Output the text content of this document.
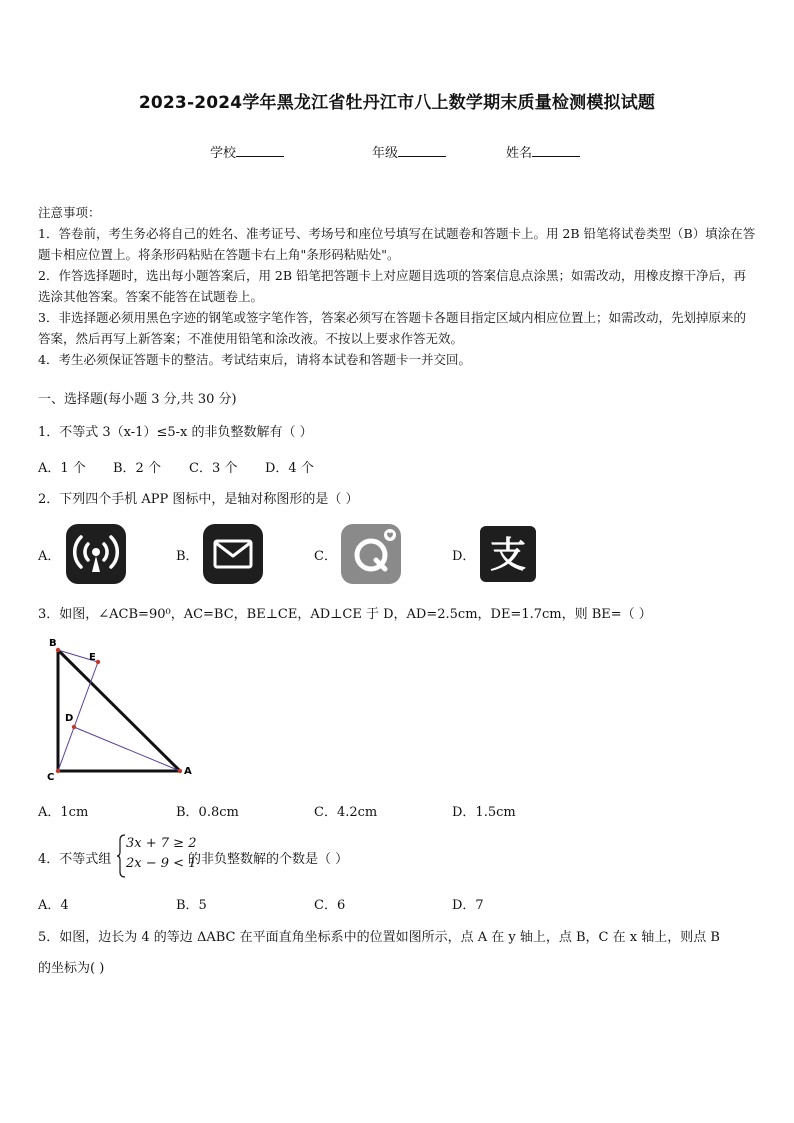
2023-2024学年黑龙江省牡丹江市八上数学期末质量检测模拟试题
学校	年级	姓名

注意事项：

1．答卷前，考生务必将自己的姓名、准考证号、考场号和座位号填写在试题卷和答题卡上。用 2B 铅笔将试卷类型（B）填涂在答题卡相应位置上。将条形码粘贴在答题卡右上角"条形码粘贴处"。

2．作答选择题时，选出每小题答案后，用 2B 铅笔把答题卡上对应题目选项的答案信息点涂黑；如需改动，用橡皮擦干净后，再选涂其他答案。答案不能答在试题卷上。

3．非选择题必须用黑色字迹的钢笔或签字笔作答，答案必须写在答题卡各题目指定区域内相应位置上；如需改动，先划掉原来的答案，然后再写上新答案；不准使用铅笔和涂改液。不按以上要求作答无效。

4．考生必须保证答题卡的整洁。考试结束后，请将本试卷和答题卡一并交回。

一、选择题(每小题 3 分,共 30 分)
1．不等式 3（x-1）≤5-x 的非负整数解有（ ）
A．1 个 B．2 个 C．3 个 D．4 个
2．下列四个手机 APP 图标中，是轴对称图形的是（ ）
A．	B．	C．	D． 支
3．如图，∠ACB=90⁰，AC=BC，BE⊥CE，AD⊥CE 于 D，AD=2.5cm，DE=1.7cm，则 BE=（ ）
B
E
D
C
A
A．1cm	B．0.8cm	C．4.2cm	D．1.5cm
4．不等式组
3x + 7 ≥ 2
2x − 9 < 1
的非负整数解的个数是（ ）
A．4	B．5	C．6	D．7
5．如图，边长为 4 的等边 ΔABC 在平面直角坐标系中的位置如图所示，点 A 在 y 轴上，点 B，C 在 x 轴上，则点 B
的坐标为( )
